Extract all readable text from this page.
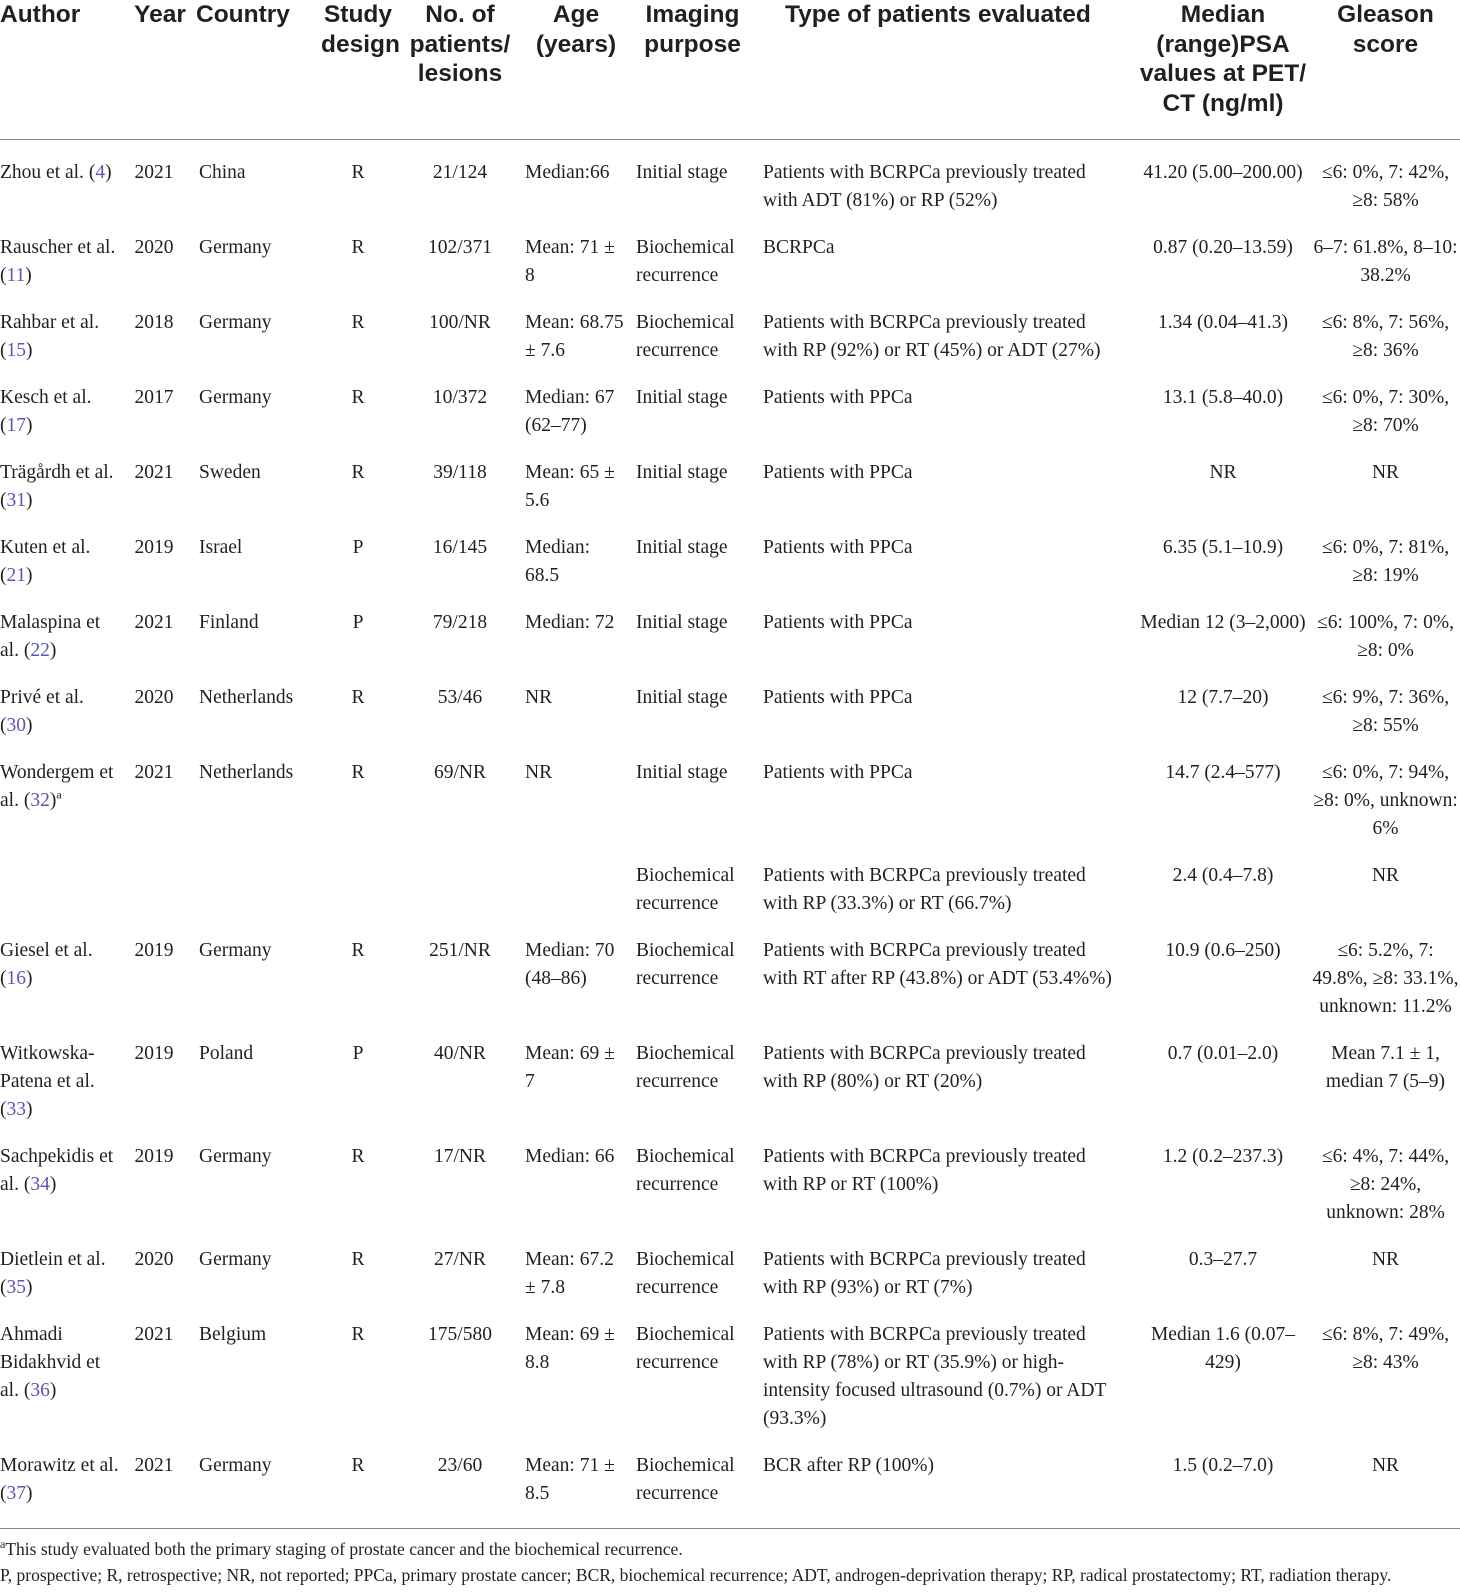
Author	Year	Country	Study design	No. of patients/ lesions	Age (years)	Imaging purpose	Type of patients evaluated	Median (range)PSA values at PET/ CT (ng/ml)	Gleason score
Zhou et al. (4)	2021	China	R	21/124	Median:66	Initial stage	Patients with BCRPCa previously treated with ADT (81%) or RP (52%)	41.20 (5.00–200.00)	≤6: 0%, 7: 42%, ≥8: 58%
Rauscher et al. (11)	2020	Germany	R	102/371	Mean: 71 ± 8	Biochemical recurrence	BCRPCa	0.87 (0.20–13.59)	6–7: 61.8%, 8–10: 38.2%
Rahbar et al. (15)	2018	Germany	R	100/NR	Mean: 68.75 ± 7.6	Biochemical recurrence	Patients with BCRPCa previously treated with RP (92%) or RT (45%) or ADT (27%)	1.34 (0.04–41.3)	≤6: 8%, 7: 56%, ≥8: 36%
Kesch et al. (17)	2017	Germany	R	10/372	Median: 67 (62–77)	Initial stage	Patients with PPCa	13.1 (5.8–40.0)	≤6: 0%, 7: 30%, ≥8: 70%
Trägårdh et al. (31)	2021	Sweden	R	39/118	Mean: 65 ± 5.6	Initial stage	Patients with PPCa	NR	NR
Kuten et al. (21)	2019	Israel	P	16/145	Median: 68.5	Initial stage	Patients with PPCa	6.35 (5.1–10.9)	≤6: 0%, 7: 81%, ≥8: 19%
Malaspina et al. (22)	2021	Finland	P	79/218	Median: 72	Initial stage	Patients with PPCa	Median 12 (3–2,000)	≤6: 100%, 7: 0%, ≥8: 0%
Privé et al. (30)	2020	Netherlands	R	53/46	NR	Initial stage	Patients with PPCa	12 (7.7–20)	≤6: 9%, 7: 36%, ≥8: 55%
Wondergem et al. (32)$^a$	2021	Netherlands	R	69/NR	NR	Initial stage	Patients with PPCa	14.7 (2.4–577)	≤6: 0%, 7: 94%, ≥8: 0%, unknown: 6%
						Biochemical recurrence	Patients with BCRPCa previously treated with RP (33.3%) or RT (66.7%)	2.4 (0.4–7.8)	NR
Giesel et al. (16)	2019	Germany	R	251/NR	Median: 70 (48–86)	Biochemical recurrence	Patients with BCRPCa previously treated with RT after RP (43.8%) or ADT (53.4%%)	10.9 (0.6–250)	≤6: 5.2%, 7: 49.8%, ≥8: 33.1%, unknown: 11.2%
Witkowska-Patena et al. (33)	2019	Poland	P	40/NR	Mean: 69 ± 7	Biochemical recurrence	Patients with BCRPCa previously treated with RP (80%) or RT (20%)	0.7 (0.01–2.0)	Mean 7.1 ± 1, median 7 (5–9)
Sachpekidis et al. (34)	2019	Germany	R	17/NR	Median: 66	Biochemical recurrence	Patients with BCRPCa previously treated with RP or RT (100%)	1.2 (0.2–237.3)	≤6: 4%, 7: 44%, ≥8: 24%, unknown: 28%
Dietlein et al. (35)	2020	Germany	R	27/NR	Mean: 67.2 ± 7.8	Biochemical recurrence	Patients with BCRPCa previously treated with RP (93%) or RT (7%)	0.3–27.7	NR
Ahmadi Bidakhvid et al. (36)	2021	Belgium	R	175/580	Mean: 69 ± 8.8	Biochemical recurrence	Patients with BCRPCa previously treated with RP (78%) or RT (35.9%) or high-intensity focused ultrasound (0.7%) or ADT (93.3%)	Median 1.6 (0.07–429)	≤6: 8%, 7: 49%, ≥8: 43%
Morawitz et al. (37)	2021	Germany	R	23/60	Mean: 71 ± 8.5	Biochemical recurrence	BCR after RP (100%)	1.5 (0.2–7.0)	NR

$^a$This study evaluated both the primary staging of prostate cancer and the biochemical recurrence.

P, prospective; R, retrospective; NR, not reported; PPCa, primary prostate cancer; BCR, biochemical recurrence; ADT, androgen-deprivation therapy; RP, radical prostatectomy; RT, radiation therapy.
